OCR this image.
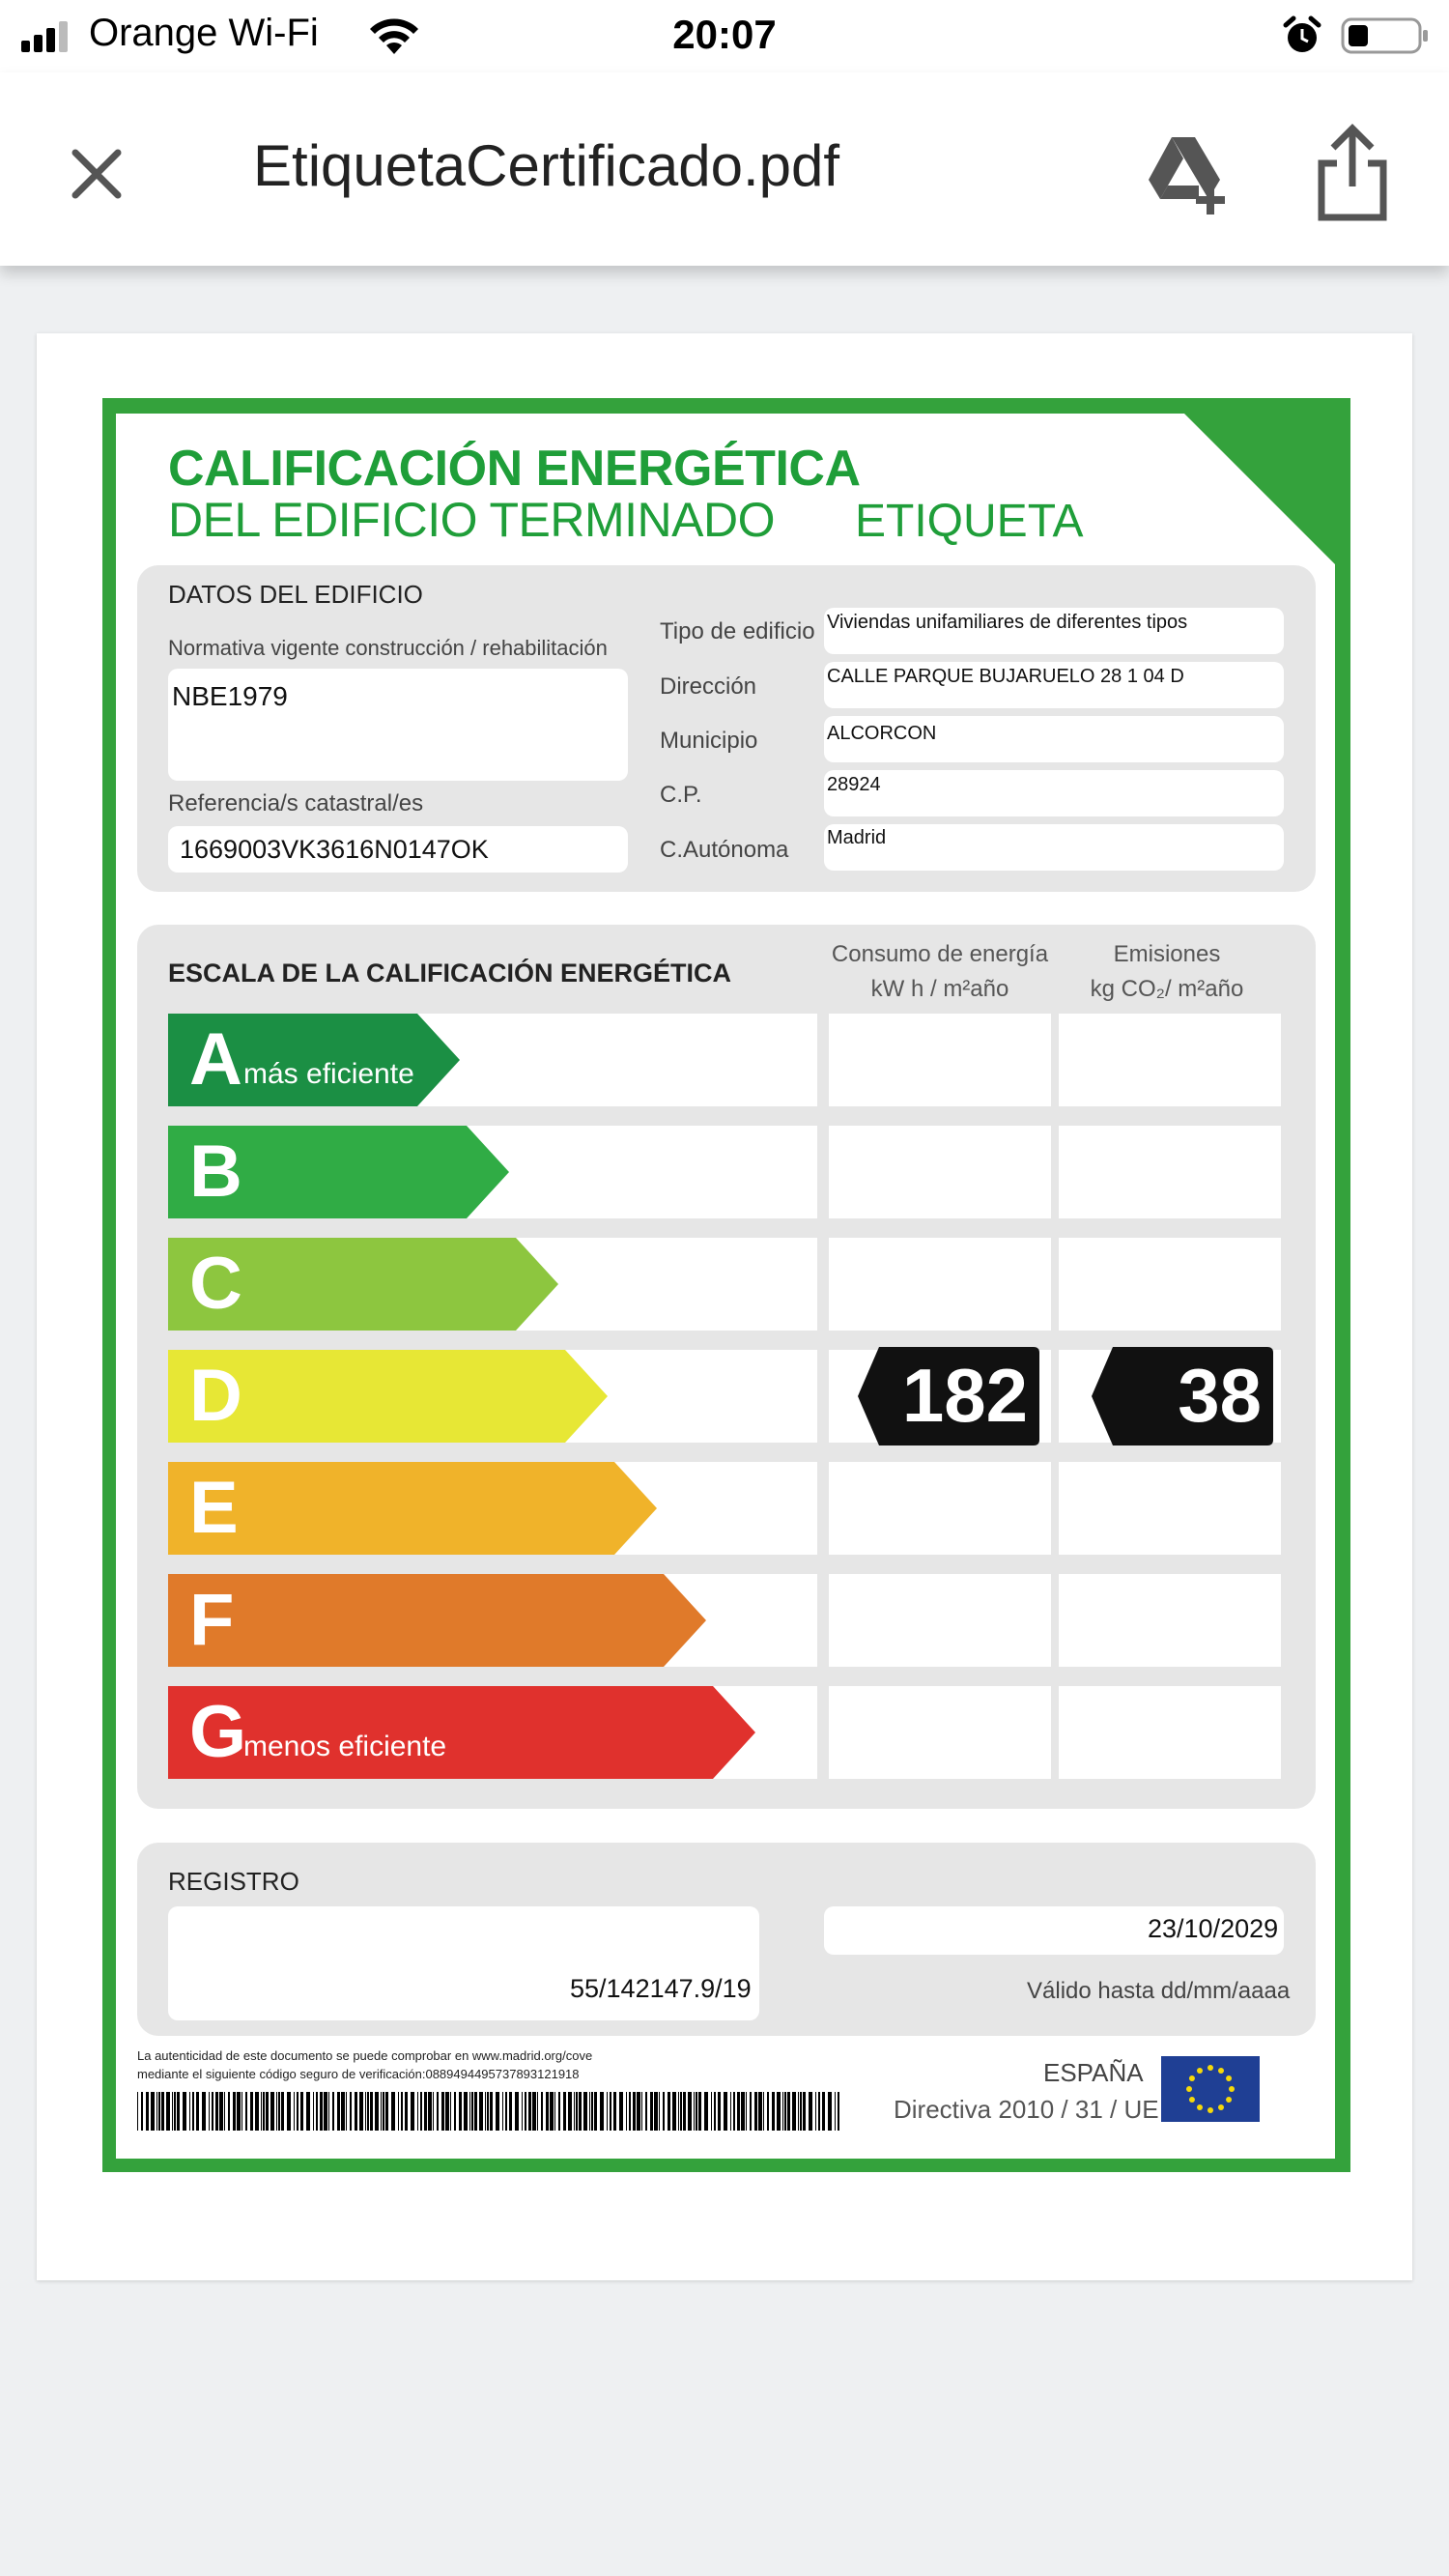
Orange Wi-Fi	20:07
EtiquetaCertificado.pdf
CALIFICACIÓN ENERGÉTICA
DEL EDIFICIO TERMINADO ETIQUETA
DATOS DEL EDIFICIO
Normativa vigente construcción / rehabilitación
NBE1979
Referencia/s catastral/es
1669003VK3616N0147OK
Tipo de edificio Viviendas unifamiliares de diferentes tipos
Dirección	CALLE PARQUE BUJARUELO 28 1 04 D
Municipio	ALCORCON
C.P.	28924
C.Autónoma Madrid
ESCALA DE LA CALIFICACIÓN ENERGÉTICA
Consumo de energía
kW h / m²año
Emisiones
kg CO₂/ m²año
A más eficiente
B
C
D	182	38
E
F
G
menos eficiente
REGISTRO
55/142147.9/19
23/10/2029
Válido hasta dd/mm/aaaa
La autenticidad de este documento se puede comprobar en www.madrid.org/cove
mediante el siguiente código seguro de verificación:0889494495737893121918	ESPAÑA
Directiva 2010 / 31 / UE
